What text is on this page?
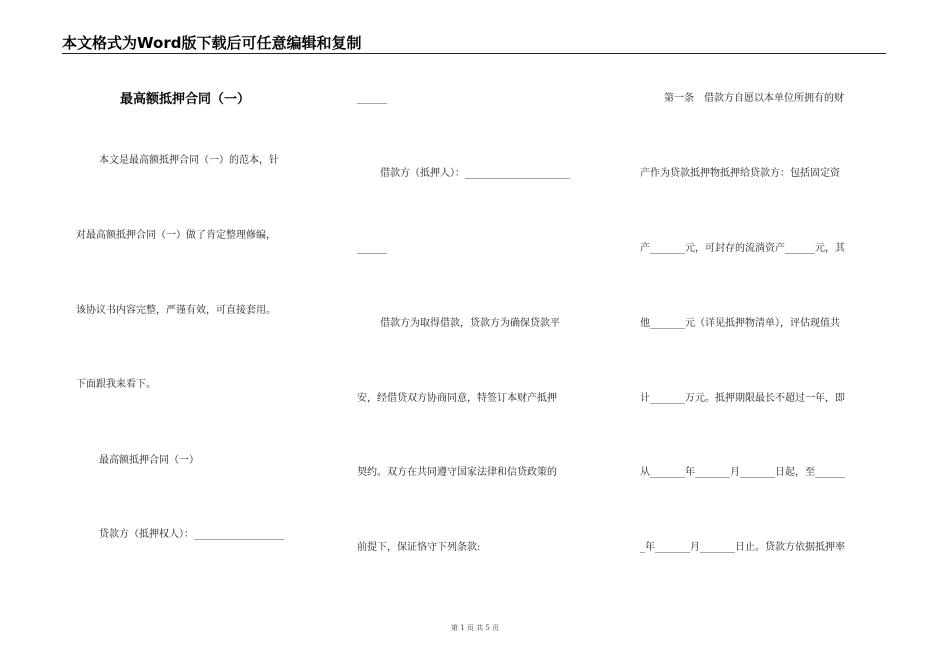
本文格式为Word版下载后可任意编辑和复制
最高额抵押合同（一）
本文是最高额抵押合同（一）的范本，针
对最高额抵押合同（一）做了肯定整理修编，
该协议书内容完整，严谨有效，可直接套用。
下面跟我来看下。
最高额抵押合同（一）
贷款方（抵押权人）：__________________
______
借款方（抵押人）：_____________________
______
借款方为取得借款，贷款方为确保贷款平
安，经借贷双方协商同意，特签订本财产抵押
契约。双方在共同遵守国家法律和信贷政策的
前提下，保证恪守下列条款:
第一条　借款方自愿以本单位所拥有的财
产作为贷款抵押物抵押给贷款方：包括固定资
产_______元，可封存的流淌资产______元，其
他_______元（详见抵押物清单），评估现值共
计_______万元。抵押期限最长不超过一年，即
从_______年_______月_______日起，至______
_年_______月_______日止。贷款方依据抵押率
第 1 页 共 5 页
